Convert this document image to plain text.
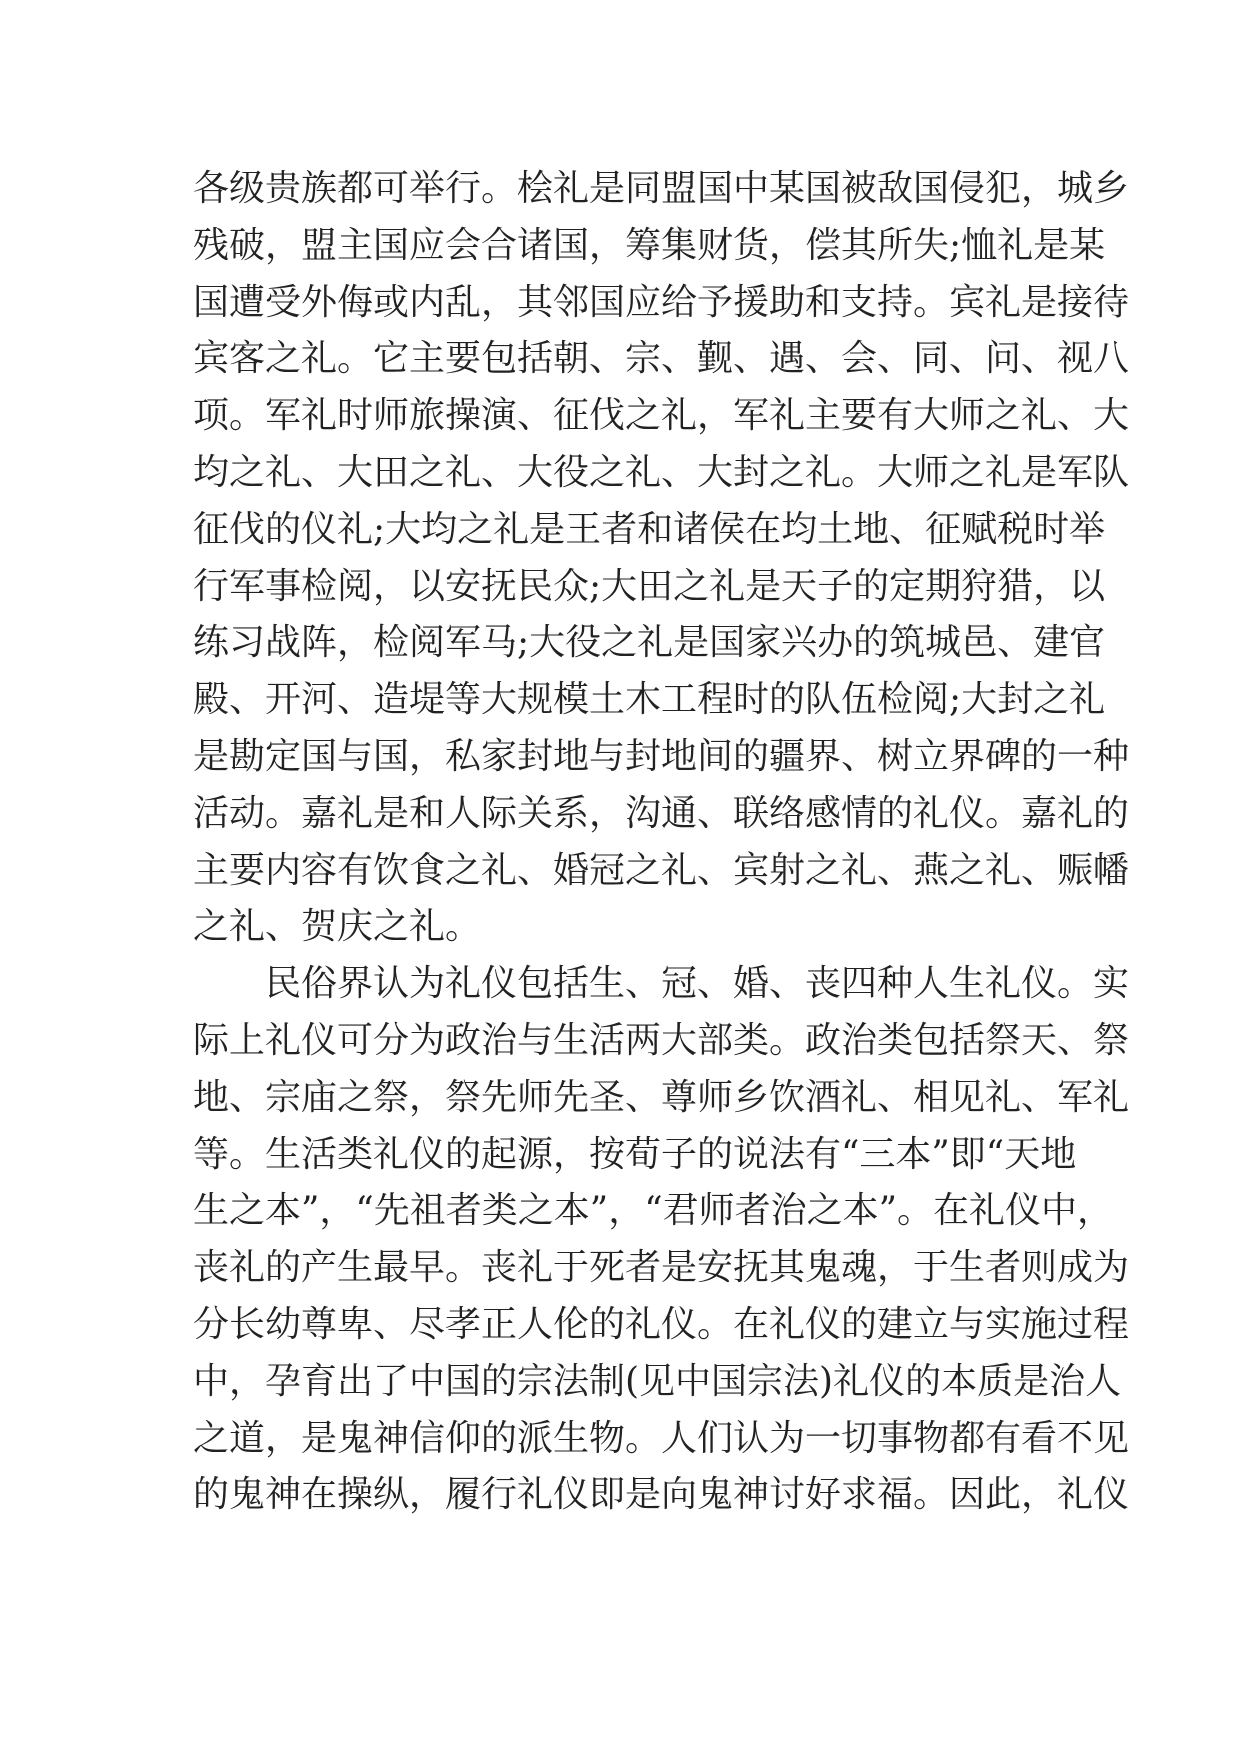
各级贵族都可举行。桧礼是同盟国中某国被敌国侵犯，城乡
残破，盟主国应会合诸国，筹集财货，偿其所失;恤礼是某
国遭受外侮或内乱，其邻国应给予援助和支持。宾礼是接待
宾客之礼。它主要包括朝、宗、觐、遇、会、同、问、视八
项。军礼时师旅操演、征伐之礼，军礼主要有大师之礼、大
均之礼、大田之礼、大役之礼、大封之礼。大师之礼是军队
征伐的仪礼;大均之礼是王者和诸侯在均土地、征赋税时举
行军事检阅，以安抚民众;大田之礼是天子的定期狩猎，以
练习战阵，检阅军马;大役之礼是国家兴办的筑城邑、建官
殿、开河、造堤等大规模土木工程时的队伍检阅;大封之礼
是勘定国与国，私家封地与封地间的疆界、树立界碑的一种
活动。嘉礼是和人际关系，沟通、联络感情的礼仪。嘉礼的
主要内容有饮食之礼、婚冠之礼、宾射之礼、燕之礼、赈幡
之礼、贺庆之礼。
民俗界认为礼仪包括生、冠、婚、丧四种人生礼仪。实
际上礼仪可分为政治与生活两大部类。政治类包括祭天、祭
地、宗庙之祭，祭先师先圣、尊师乡饮酒礼、相见礼、军礼
等。生活类礼仪的起源，按荀子的说法有“三本”即“天地
生之本”，“先祖者类之本”，“君师者治之本”。在礼仪中，
丧礼的产生最早。丧礼于死者是安抚其鬼魂，于生者则成为
分长幼尊卑、尽孝正人伦的礼仪。在礼仪的建立与实施过程
中，孕育出了中国的宗法制(见中国宗法)礼仪的本质是治人
之道，是鬼神信仰的派生物。人们认为一切事物都有看不见
的鬼神在操纵，履行礼仪即是向鬼神讨好求福。因此，礼仪
